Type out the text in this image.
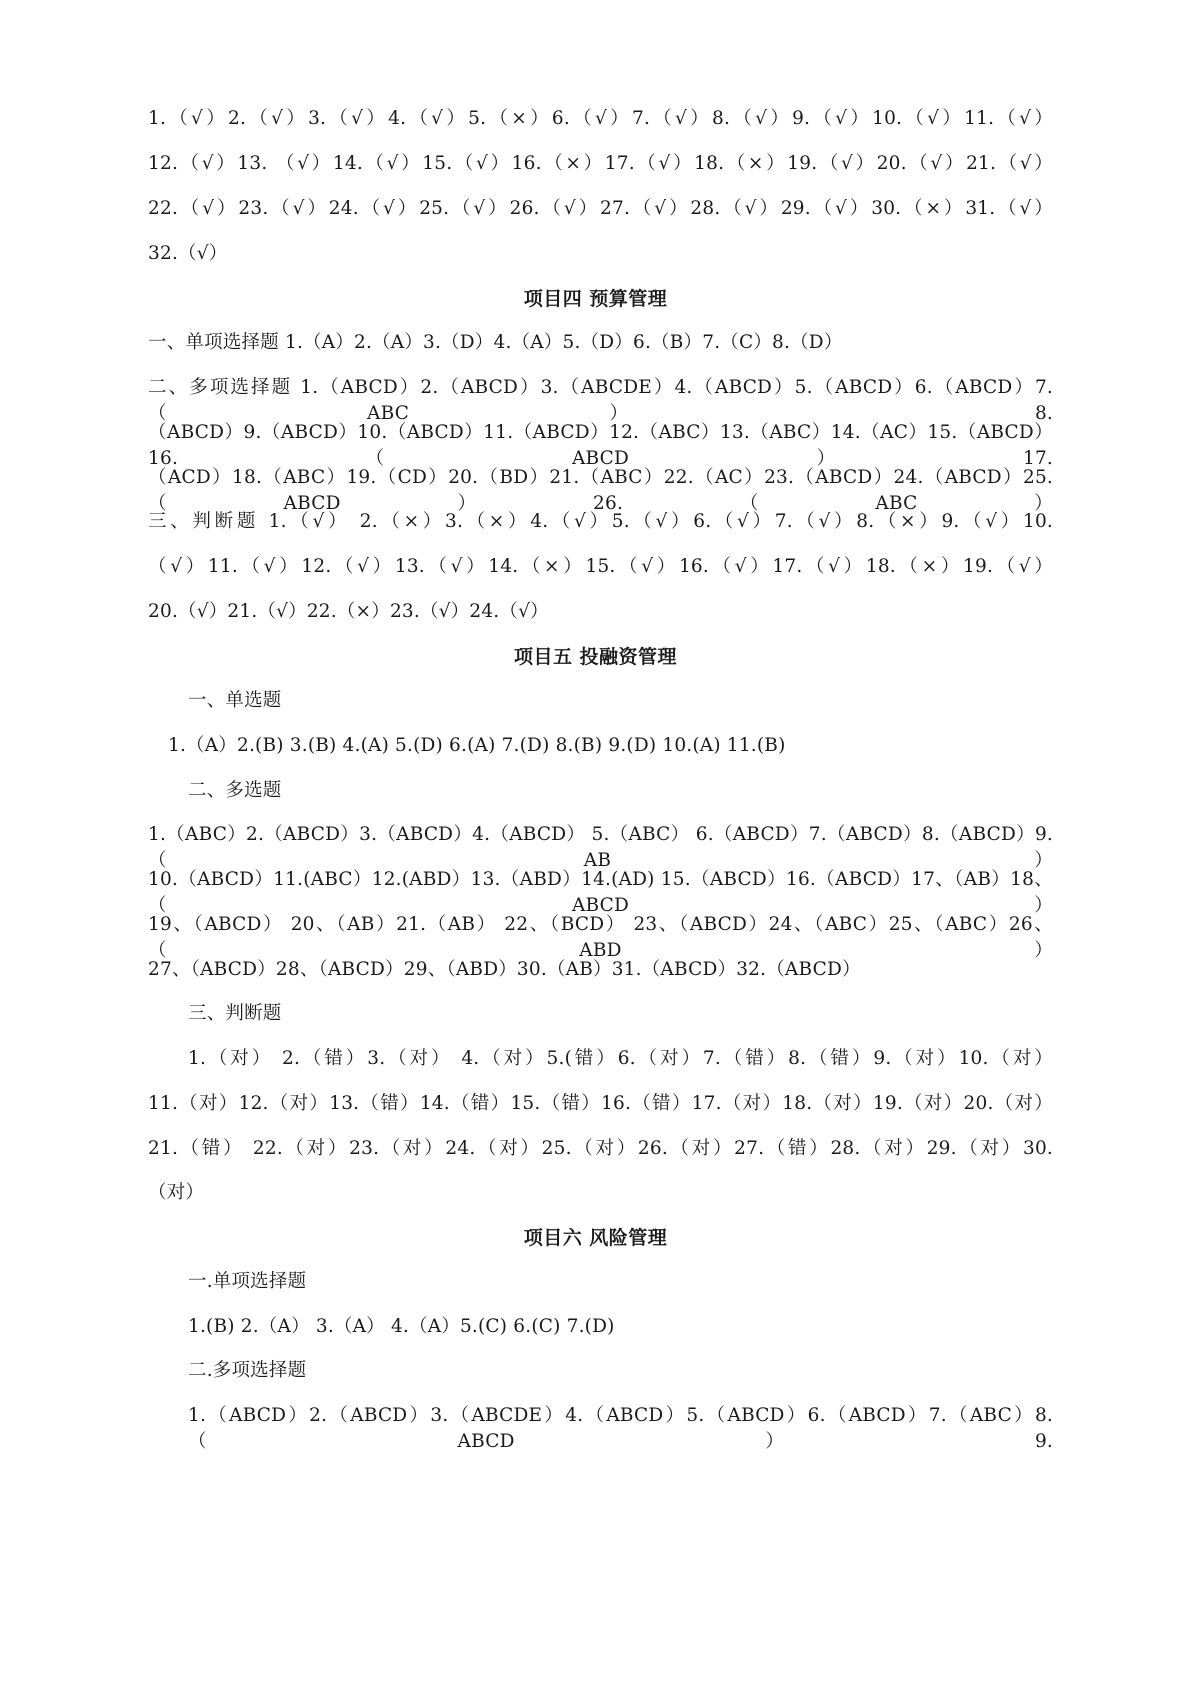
1.（√）2.（√）3.（√）4.（√）5.（×）6.（√）7.（√）8.（√）9.（√）10.（√）11.（√）
12.（√）13. （√）14.（√）15.（√）16.（×）17.（√）18.（×）19.（√）20.（√）21.（√）
22.（√）23.（√）24.（√）25.（√）26.（√）27.（√）28.（√）29.（√）30.（×）31.（√）
32.（√）
项目四 预算管理
一、单项选择题 1.（A）2.（A）3.（D）4.（A）5.（D）6.（B）7.（C）8.（D）
二、多项选择题 1.（ABCD）2.（ABCD）3.（ABCDE）4.（ABCD）5.（ABCD）6.（ABCD）7.（ABC） 8.
（ABCD）9.（ABCD）10.（ABCD）11.（ABCD）12.（ABC）13.（ABC）14.（AC）15.（ABCD）16.（ABCD）17.
（ACD）18.（ABC）19.（CD）20.（BD）21.（ABC）22.（AC）23.（ABCD）24.（ABCD）25.（ABCD）26.（ABC）
三、判断题 1.（√） 2.（×）3.（×）4.（√）5.（√）6.（√）7.（√）8.（×）9.（√）10.
（√）11.（√）12.（√）13.（√）14.（×）15.（√）16.（√）17.（√）18.（×）19.（√）
20.（√）21.（√）22.（×）23.（√）24.（√）
项目五 投融资管理
一、单选题
1.（A）2.(B) 3.(B) 4.(A) 5.(D) 6.(A) 7.(D) 8.(B) 9.(D) 10.(A) 11.(B)
二、多选题
1.（ABC）2.（ABCD）3.（ABCD）4.（ABCD） 5.（ABC） 6.（ABCD）7.（ABCD）8.（ABCD）9.（AB ）
10.（ABCD）11.(ABC）12.(ABD）13.（ABD）14.(AD) 15.（ABCD）16.（ABCD）17、（AB）18、（ABCD）
19、（ABCD） 20、（AB）21.（AB） 22、（BCD） 23、（ABCD）24、（ABC）25、（ABC）26、（ABD）
27、（ABCD）28、（ABCD）29、（ABD）30.（AB）31.（ABCD）32.（ABCD）
三、判断题
1.（对） 2.（错）3.（对） 4.（对）5.(错）6.（对）7.（错）8.（错）9.（对）10.（对）
11.（对）12.（对）13.（错）14.（错）15.（错）16.（错）17.（对）18.（对）19.（对）20.（对）
21.（错） 22.（对）23.（对）24.（对）25.（对）26.（对）27.（错）28.（对）29.（对）30.
（对）
项目六 风险管理
一.单项选择题
1.(B) 2.（A） 3.（A） 4.（A）5.(C) 6.(C) 7.(D)
二.多项选择题
1.（ABCD）2.（ABCD）3.（ABCDE）4.（ABCD）5.（ABCD）6.（ABCD）7.（ABC）8.（ABCD）9.
